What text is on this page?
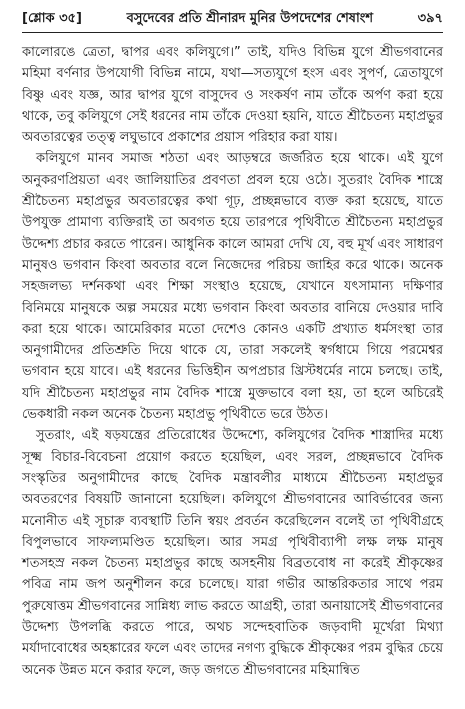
[শ্লোক ৩৫]	বসুদেবের প্রতি শ্রীনারদ মুনির উপদেশের শেষাংশ	৩৯৭

কালোরঙে ত্রেতা, দ্বাপর এবং কলিযুগে।” তাই, যদিও বিভিন্ন যুগে শ্রীভগবানের মহিমা বর্ণনার উপযোগী বিভিন্ন নামে, যথা—সত্যযুগে হংস এবং সুপর্ণ, ত্রেতাযুগে বিষ্ণু এবং যজ্ঞ, আর দ্বাপর যুগে বাসুদেব ও সংকর্ষণ নাম তাঁকে অর্পণ করা হয়ে থাকে, তবু কলিযুগে সেই ধরনের নাম তাঁকে দেওয়া হয়নি, যাতে শ্রীচৈতন্য মহাপ্রভুর অবতারত্বের তত্ত্ব লঘুভাবে প্রকাশের প্রয়াস পরিহার করা যায়।

কলিযুগে মানব সমাজ শঠতা এবং আড়ম্বরে জর্জরিত হয়ে থাকে। এই যুগে অনুকরণপ্রিয়তা এবং জালিয়াতির প্রবণতা প্রবল হয়ে ওঠে। সুতরাং বৈদিক শাস্ত্রে শ্রীচৈতন্য মহাপ্রভুর অবতারত্বের কথা গূঢ়, প্রচ্ছন্নভাবে ব্যক্ত করা হয়েছে, যাতে উপযুক্ত প্রামাণ্য ব্যক্তিরাই তা অবগত হয়ে তারপরে পৃথিবীতে শ্রীচৈতন্য মহাপ্রভুর উদ্দেশ্য প্রচার করতে পারেন। আধুনিক কালে আমরা দেখি যে, বহু মূর্খ এবং সাধারণ মানুষও ভগবান কিংবা অবতার বলে নিজেদের পরিচয় জাহির করে থাকে। অনেক সহজলভ্য দর্শনকথা এবং শিক্ষা সংস্থাও হয়েছে, যেখানে যৎসামান্য দক্ষিণার বিনিময়ে মানুষকে অল্প সময়ের মধ্যে ভগবান কিংবা অবতার বানিয়ে দেওয়ার দাবি করা হয়ে থাকে। আমেরিকার মতো দেশেও কোনও একটি প্রখ্যাত ধর্মসংস্থা তার অনুগামীদের প্রতিশ্রুতি দিয়ে থাকে যে, তারা সকলেই স্বর্গধামে গিয়ে পরমেশ্বর ভগবান হয়ে যাবে। এই ধরনের ভিত্তিহীন অপপ্রচার খ্রিস্টধর্মের নামে চলছে। তাই, যদি শ্রীচৈতন্য মহাপ্রভুর নাম বৈদিক শাস্ত্রে মুক্তভাবে বলা হয়, তা হলে অচিরেই ভেকধারী নকল অনেক চৈতন্য মহাপ্রভু পৃথিবীতে ভরে উঠত।

সুতরাং, এই ষড়যন্ত্রের প্রতিরোধের উদ্দেশ্যে, কলিযুগের বৈদিক শাস্ত্রাদির মধ্যে সূক্ষ্ম বিচার-বিবেচনা প্রয়োগ করতে হয়েছিল, এবং সরল, প্রচ্ছন্নভাবে বৈদিক সংস্কৃতির অনুগামীদের কাছে বৈদিক মন্ত্রাবলীর মাধ্যমে শ্রীচৈতন্য মহাপ্রভুর অবতরণের বিষয়টি জানানো হয়েছিল। কলিযুগে শ্রীভগবানের আবির্ভাবের জন্য মনোনীত এই সূচারু ব্যবস্থাটি তিনি স্বয়ং প্রবর্তন করেছিলেন বলেই তা পৃথিবীগ্রহে বিপুলভাবে সাফল্যমণ্ডিত হয়েছিল। আর সমগ্র পৃথিবীব্যাপী লক্ষ লক্ষ মানুষ শতসহস্র নকল চৈতন্য মহাপ্রভুর কাছে অসহনীয় বিব্রতবোধ না করেই শ্রীকৃষ্ণের পবিত্র নাম জপ অনুশীলন করে চলেছে। যারা গভীর আন্তরিকতার সাথে পরম পুরুষোত্তম শ্রীভগবানের সান্নিধ্য লাভ করতে আগ্রহী, তারা অনায়াসেই শ্রীভগবানের উদ্দেশ্য উপলব্ধি করতে পারে, অথচ সন্দেহবাতিক জড়বাদী মূর্খেরা মিথ্যা মর্যাদাবোধের অহঙ্কারের ফলে এবং তাদের নগণ্য বুদ্ধিকে শ্রীকৃষ্ণের পরম বুদ্ধির চেয়ে অনেক উন্নত মনে করার ফলে, জড় জগতে শ্রীভগবানের মহিমান্বিত
